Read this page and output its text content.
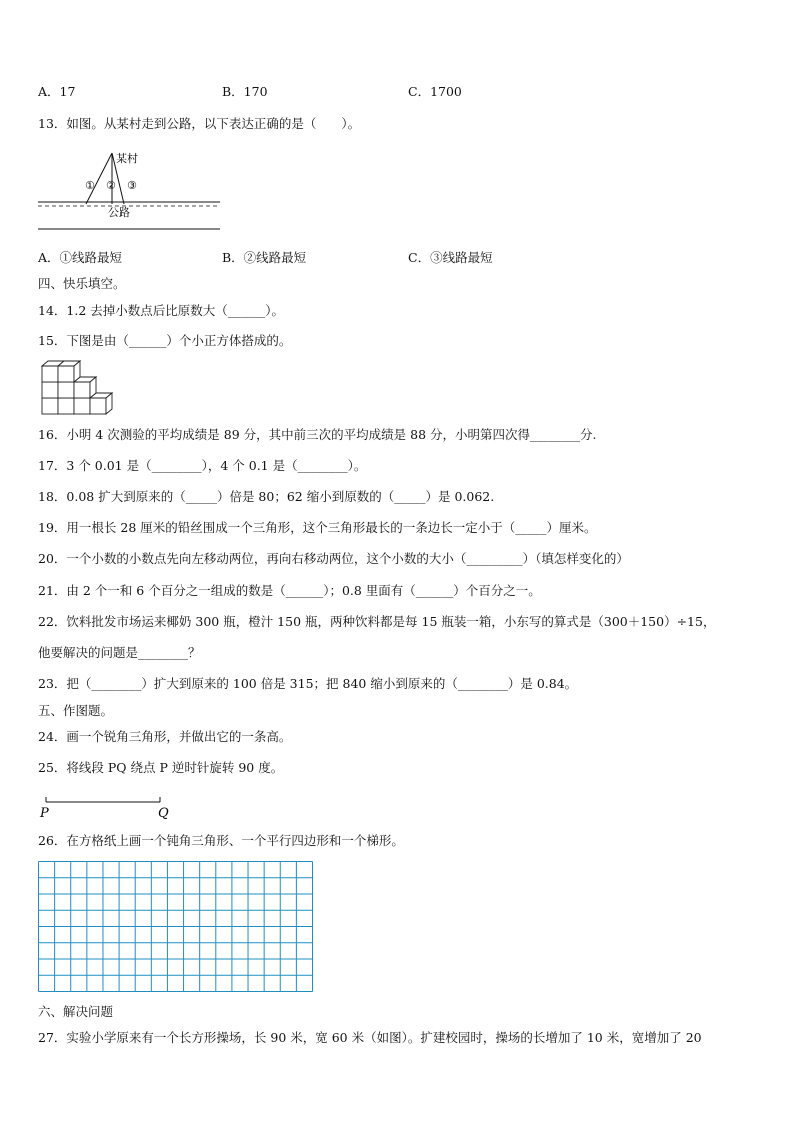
A．17	B．170	C．1700
13．如图。从某村走到公路，以下表达正确的是（　　）。
某村
① ② ③
公路
A．①线路最短	B．②线路最短	C．③线路最短
四、快乐填空。
14．1.2 去掉小数点后比原数大（______）。
15．下图是由（______）个小正方体搭成的。
16．小明 4 次测验的平均成绩是 89 分，其中前三次的平均成绩是 88 分，小明第四次得________分.
17．3 个 0.01 是（________），4 个 0.1 是（________）。
18．0.08 扩大到原来的（_____）倍是 80；62 缩小到原数的（_____）是 0.062.
19．用一根长 28 厘米的铅丝围成一个三角形，这个三角形最长的一条边长一定小于（_____）厘米。
20．一个小数的小数点先向左移动两位，再向右移动两位，这个小数的大小（_________）（填怎样变化的）
21．由 2 个一和 6 个百分之一组成的数是（______）；0.8 里面有（______）个百分之一。
22．饮料批发市场运来椰奶 300 瓶，橙汁 150 瓶，两种饮料都是每 15 瓶装一箱，小东写的算式是（300＋150）÷15，
他要解决的问题是________？
23．把（________）扩大到原来的 100 倍是 315；把 840 缩小到原来的（________）是 0.84。
五、作图题。
24．画一个锐角三角形，并做出它的一条高。
25．将线段 PQ 绕点 P 逆时针旋转 90 度。
P	Q
26．在方格纸上画一个钝角三角形、一个平行四边形和一个梯形。
六、解决问题
27．实验小学原来有一个长方形操场，长 90 米，宽 60 米（如图）。扩建校园时，操场的长增加了 10 米，宽增加了 20
